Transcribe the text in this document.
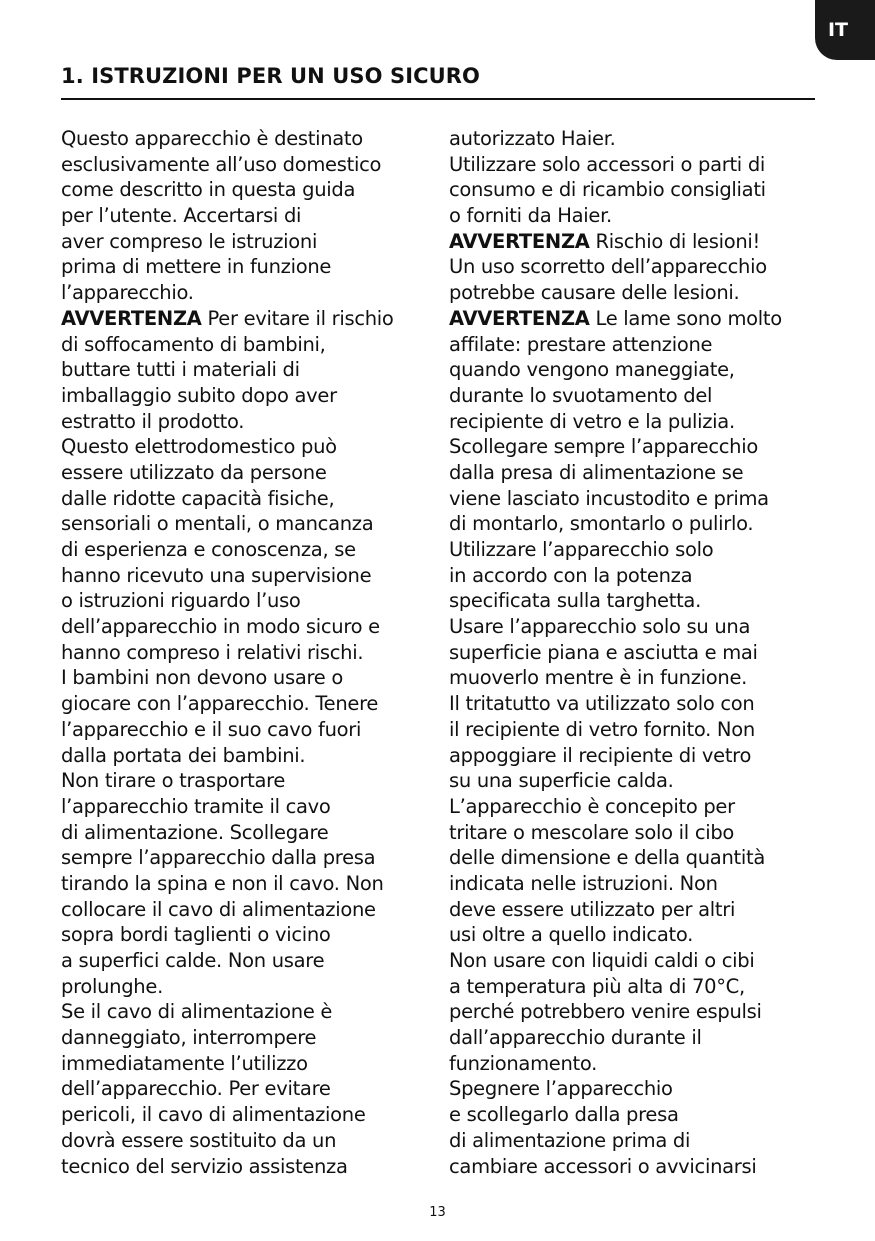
IT
1. ISTRUZIONI PER UN USO SICURO
Questo apparecchio è destinato
esclusivamente all’uso domestico
come descritto in questa guida
per l’utente. Accertarsi di
aver compreso le istruzioni
prima di mettere in funzione
l’apparecchio.
AVVERTENZA Per evitare il rischio
di soffocamento di bambini,
buttare tutti i materiali di
imballaggio subito dopo aver
estratto il prodotto.
Questo elettrodomestico può
essere utilizzato da persone
dalle ridotte capacità fisiche,
sensoriali o mentali, o mancanza
di esperienza e conoscenza, se
hanno ricevuto una supervisione
o istruzioni riguardo l’uso
dell’apparecchio in modo sicuro e
hanno compreso i relativi rischi.
I bambini non devono usare o
giocare con l’apparecchio. Tenere
l’apparecchio e il suo cavo fuori
dalla portata dei bambini.
Non tirare o trasportare
l’apparecchio tramite il cavo
di alimentazione. Scollegare
sempre l’apparecchio dalla presa
tirando la spina e non il cavo. Non
collocare il cavo di alimentazione
sopra bordi taglienti o vicino
a superfici calde. Non usare
prolunghe.
Se il cavo di alimentazione è
danneggiato, interrompere
immediatamente l’utilizzo
dell’apparecchio. Per evitare
pericoli, il cavo di alimentazione
dovrà essere sostituito da un
tecnico del servizio assistenza
autorizzato Haier.
Utilizzare solo accessori o parti di
consumo e di ricambio consigliati
o forniti da Haier.
AVVERTENZA Rischio di lesioni!
Un uso scorretto dell’apparecchio
potrebbe causare delle lesioni.
AVVERTENZA Le lame sono molto
affilate: prestare attenzione
quando vengono maneggiate,
durante lo svuotamento del
recipiente di vetro e la pulizia.
Scollegare sempre l’apparecchio
dalla presa di alimentazione se
viene lasciato incustodito e prima
di montarlo, smontarlo o pulirlo.
Utilizzare l’apparecchio solo
in accordo con la potenza
specificata sulla targhetta.
Usare l’apparecchio solo su una
superficie piana e asciutta e mai
muoverlo mentre è in funzione.
Il tritatutto va utilizzato solo con
il recipiente di vetro fornito. Non
appoggiare il recipiente di vetro
su una superficie calda.
L’apparecchio è concepito per
tritare o mescolare solo il cibo
delle dimensione e della quantità
indicata nelle istruzioni. Non
deve essere utilizzato per altri
usi oltre a quello indicato.
Non usare con liquidi caldi o cibi
a temperatura più alta di 70°C,
perché potrebbero venire espulsi
dall’apparecchio durante il
funzionamento.
Spegnere l’apparecchio
e scollegarlo dalla presa
di alimentazione prima di
cambiare accessori o avvicinarsi
13
